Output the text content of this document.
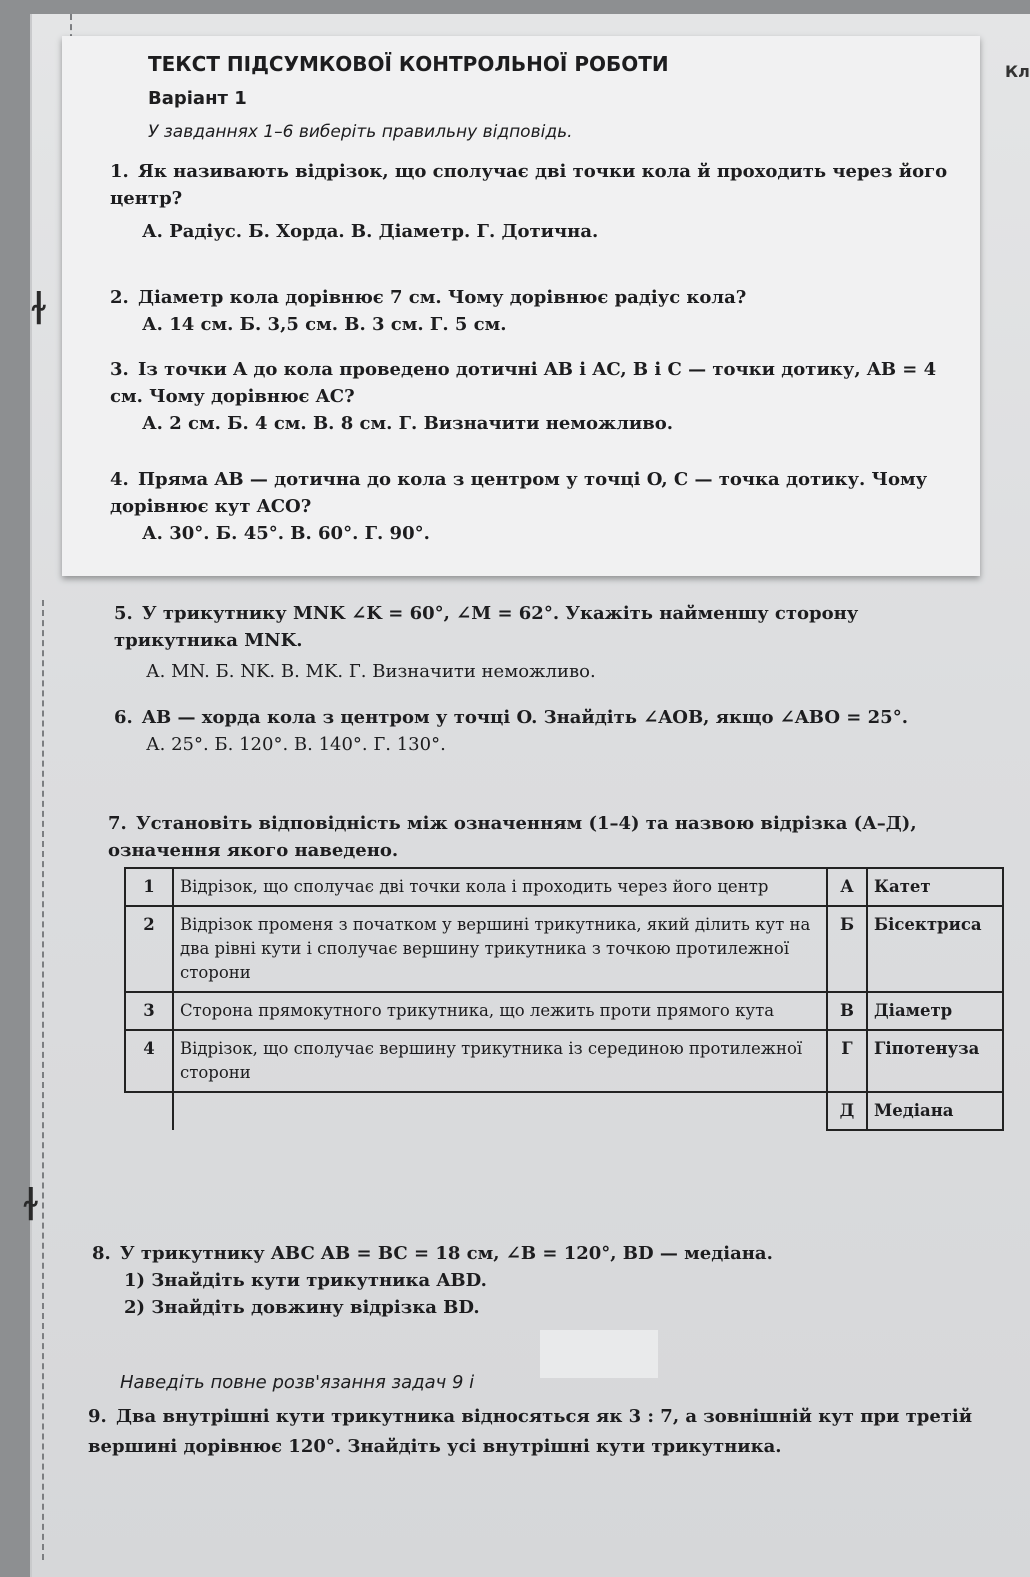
Кл
ТЕКСТ ПІДСУМКОВОЇ КОНТРОЛЬНОЇ РОБОТИ
Варіант 1
У завданнях 1–6 виберіть правильну відповідь.
1. Як називають відрізок, що сполучає дві точки кола й проходить через його центр?
А. Радіус. Б. Хорда. В. Діаметр. Г. Дотична.
2. Діаметр кола дорівнює 7 см. Чому дорівнює радіус кола?
А. 14 см. Б. 3,5 см. В. 3 см. Г. 5 см.
3. Із точки A до кола проведено дотичні AB і AC, B і C — точки дотику, AB = 4 см. Чому дорівнює AC?
А. 2 см. Б. 4 см. В. 8 см. Г. Визначити неможливо.
4. Пряма AB — дотична до кола з центром у точці O, C — точка дотику. Чому дорівнює кут ACO?
А. 30°. Б. 45°. В. 60°. Г. 90°.
5. У трикутнику MNK ∠K = 60°, ∠M = 62°. Укажіть найменшу сторону трикутника MNK.
А. MN. Б. NK. В. MK. Г. Визначити неможливо.
6. AB — хорда кола з центром у точці O. Знайдіть ∠AOB, якщо ∠ABO = 25°.
А. 25°. Б. 120°. В. 140°. Г. 130°.
7. Установіть відповідність між означенням (1–4) та назвою відрізка (А–Д), означення якого наведено.
1	Відрізок, що сполучає дві точки кола і проходить через його центр	А	Катет
2	Відрізок променя з початком у вершині трикутника, який ділить кут на два рівні кути і сполучає вершину трикутника з точкою протилежної сторони	Б	Бісектриса
3	Сторона прямокутного трикутника, що лежить проти прямого кута	В	Діаметр
4	Відрізок, що сполучає вершину трикутника із серединою протилежної сторони	Г	Гіпотенуза
		Д	Медіана
8. У трикутнику ABC AB = BC = 18 см, ∠B = 120°, BD — медіана.
1) Знайдіть кути трикутника ABD.
2) Знайдіть довжину відрізка BD.
Наведіть повне розв'язання задач 9 і
9. Два внутрішні кути трикутника відносяться як 3 : 7, а зовнішній кут при третій вершині дорівнює 120°. Знайдіть усі внутрішні кути трикутника.
ɫ
ɫ
